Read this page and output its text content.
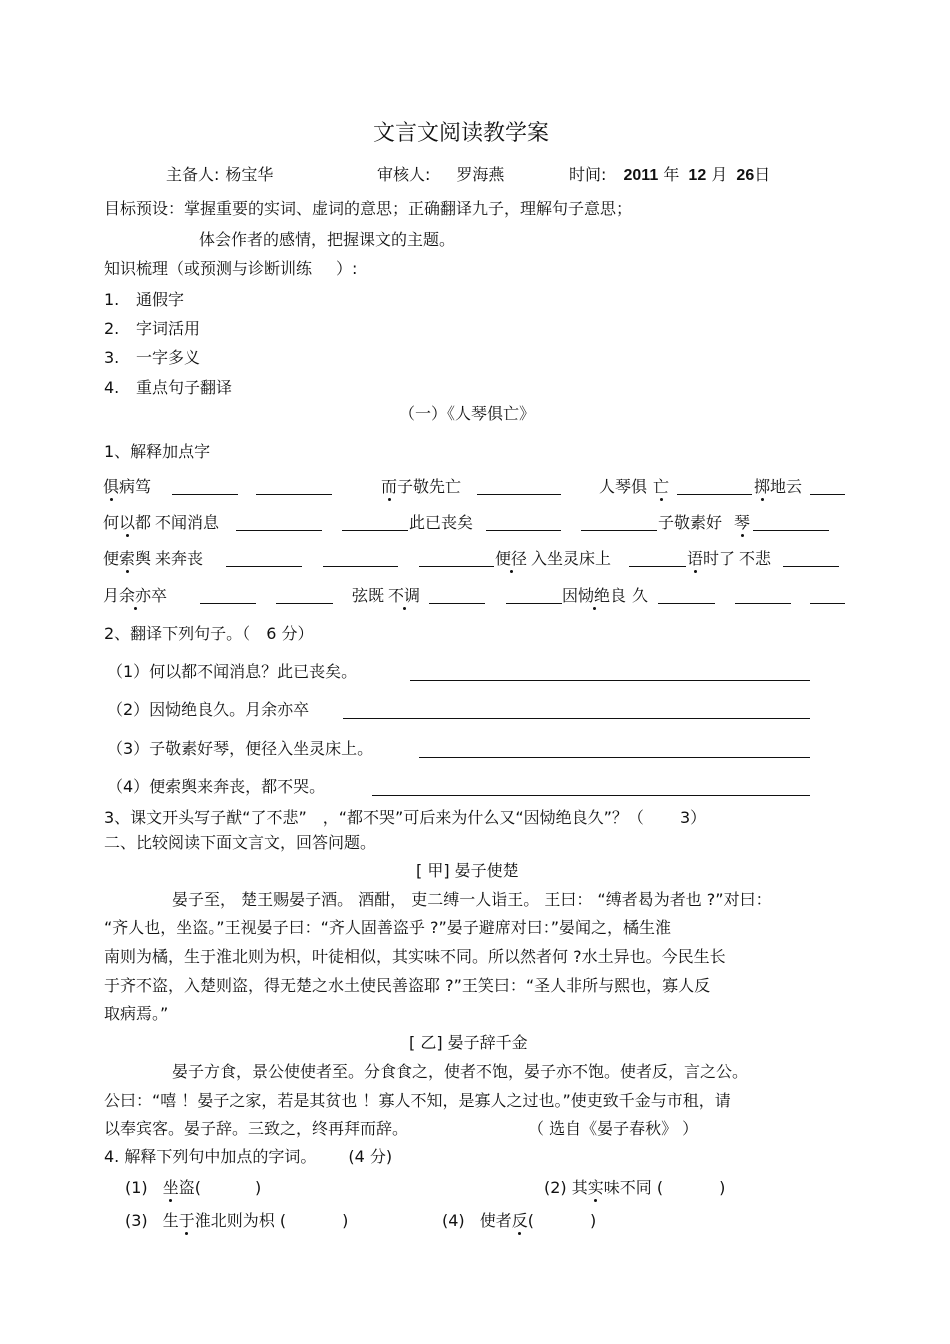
文言文阅读教学案
主备人: 杨宝华	审核人: 罗海燕	时间: 2011 年 12 月 26日
目标预设：掌握重要的实词、虚词的意思；正确翻译九子，理解句子意思；
体会作者的感情，把握课文的主题。
知识梳理（或预测与诊断训练 ）:
1. 通假字
2. 字词活用
3. 一字多义
4. 重点句子翻译
（一）《人琴俱亡》
1、解释加点字
俱病笃	而子敬先亡	人琴俱 亡	掷地云
何以都 不闻消息	此已丧矣	子敬素好 琴
便索舆 来奔丧	便径 入坐灵床上	语时了 不悲
月余亦卒	弦既 不调	因恸绝良 久
2、翻译下列句子。（ 6 分）
（1）何以都不闻消息？此已丧矣。
（2）因恸绝良久。月余亦卒
（3）子敬素好琴，便径入坐灵床上。
（4）便索舆来奔丧，都不哭。
3、课文开头写子猷“了不悲” ，“都不哭”可后来为什么又“因恸绝良久”？（ 3）
二、比较阅读下面文言文，回答问题。
[ 甲] 晏子使楚
晏子至， 楚王赐晏子酒。 酒酣， 吏二缚一人诣王。 王曰： “缚者曷为者也 ?”对曰：
“齐人也，坐盗。”王视晏子曰：“齐人固善盗乎 ?”晏子避席对曰：”晏闻之，橘生淮
南则为橘，生于淮北则为枳，叶徒相似，其实味不同。所以然者何 ?水土异也。今民生长
于齐不盗，入楚则盗，得无楚之水土使民善盗耶 ?”王笑曰：“圣人非所与熙也，寡人反
取病焉。”
[ 乙] 晏子辞千金
晏子方食，景公使使者至。分食食之，使者不饱，晏子亦不饱。使者反，言之公。
公曰：“嘻 ！晏子之家，若是其贫也 ！寡人不知，是寡人之过也。”使吏致千金与市租，请
以奉宾客。晏子辞。三致之，终再拜而辞。	（ 选自《晏子春秋》 ）
4. 解释下列句中加点的字词。 (4 分)
(1) 坐盗(	)	(2) 其实味不同 (	)
(3) 生于淮北则为枳 (	)	(4) 使者反(	)
